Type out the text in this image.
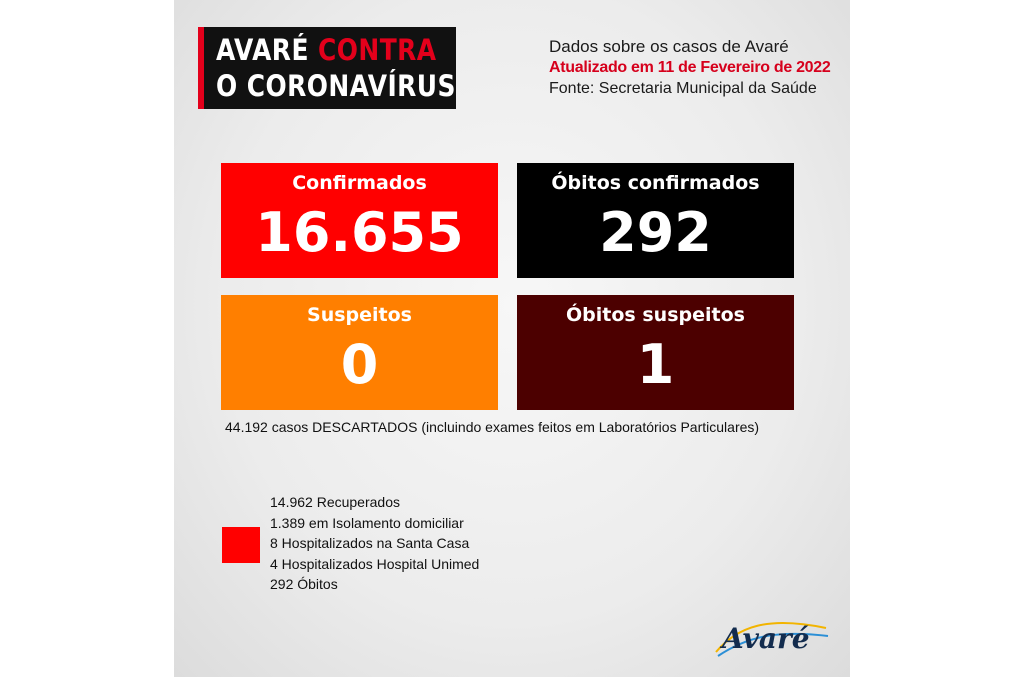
AVARÉ CONTRA
O CORONAVÍRUS
Dados sobre os casos de Avaré
Atualizado em 11 de Fevereiro de 2022
Fonte: Secretaria Municipal da Saúde
Confirmados
16.655
Óbitos confirmados
292
Suspeitos
0
Óbitos suspeitos
1
44.192 casos DESCARTADOS (incluindo exames feitos em Laboratórios Particulares)
14.962 Recuperados
1.389 em Isolamento domiciliar
8 Hospitalizados na Santa Casa
4 Hospitalizados Hospital Unimed
292 Óbitos
Avaré
